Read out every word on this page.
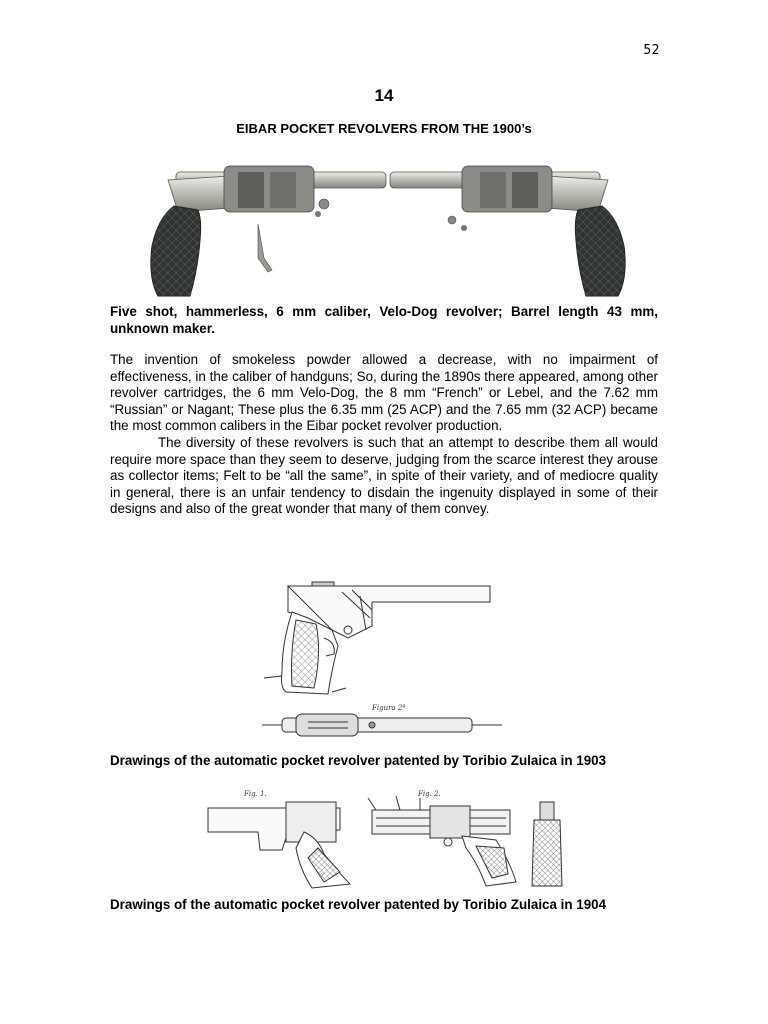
52
14
EIBAR POCKET REVOLVERS FROM THE 1900’s
Five shot, hammerless, 6 mm caliber, Velo-Dog revolver; Barrel length 43 mm, unknown maker.

The invention of smokeless powder allowed a decrease, with no impairment of effectiveness, in the caliber of handguns; So, during the 1890s there appeared, among other revolver cartridges, the 6 mm Velo-Dog, the 8 mm “French” or Lebel, and the 7.62 mm “Russian” or Nagant; These plus the 6.35 mm (25 ACP) and the 7.65 mm (32 ACP) became the most common calibers in the Eibar pocket revolver production.

The diversity of these revolvers is such that an attempt to describe them all would require more space than they seem to deserve, judging from the scarce interest they arouse as collector items; Felt to be “all the same”, in spite of their variety, and of mediocre quality in general, there is an unfair tendency to disdain the ingenuity displayed in some of their designs and also of the great wonder that many of them convey.

Figura 2ª
Drawings of the automatic pocket revolver patented by Toribio Zulaica in 1903
Fig. 1.	Fig. 2.
Drawings of the automatic pocket revolver patented by Toribio Zulaica in 1904
